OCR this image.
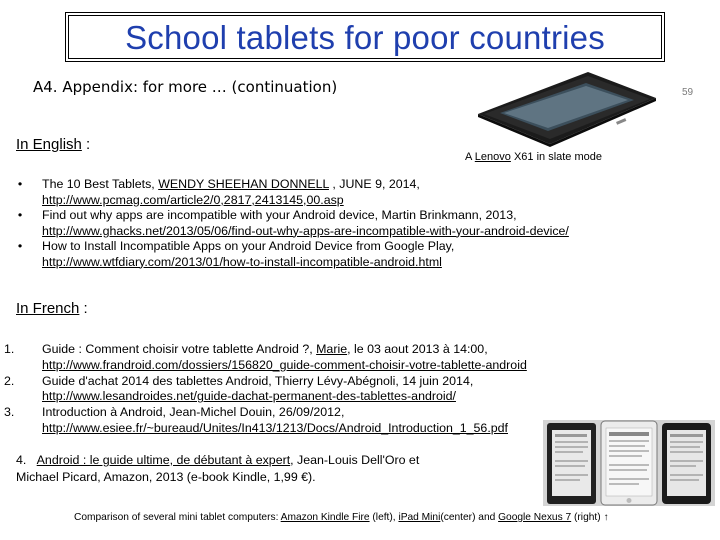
School tablets for poor countries
A4. Appendix: for more … (continuation)	59
A Lenovo X61 in slate mode
In English :
•	The 10 Best Tablets, WENDY SHEEHAN DONNELL , JUNE 9, 2014,
http://www.pcmag.com/article2/0,2817,2413145,00.asp
•	Find out why apps are incompatible with your Android device, Martin Brinkmann, 2013,
http://www.ghacks.net/2013/05/06/find-out-why-apps-are-incompatible-with-your-android-device/
•	How to Install Incompatible Apps on your Android Device from Google Play,
http://www.wtfdiary.com/2013/01/how-to-install-incompatible-android.html
In French :
1. Guide : Comment choisir votre tablette Android ?, Marie, le 03 aout 2013 à 14:00,
http://www.frandroid.com/dossiers/156820_guide-comment-choisir-votre-tablette-android
2. Guide d'achat 2014 des tablettes Android, Thierry Lévy-Abégnoli, 14 juin 2014,
http://www.lesandroides.net/guide-dachat-permanent-des-tablettes-android/
3. Introduction à Android, Jean-Michel Douin, 26/09/2012,
http://www.esiee.fr/~bureaud/Unites/In413/1213/Docs/Android_Introduction_1_56.pdf
4. Android : le guide ultime, de débutant à expert, Jean-Louis Dell'Oro et
Michael Picard, Amazon, 2013 (e-book Kindle, 1,99 €).
Comparison of several mini tablet computers: Amazon Kindle Fire (left), iPad Mini(center) and Google Nexus 7 (right) ↑
